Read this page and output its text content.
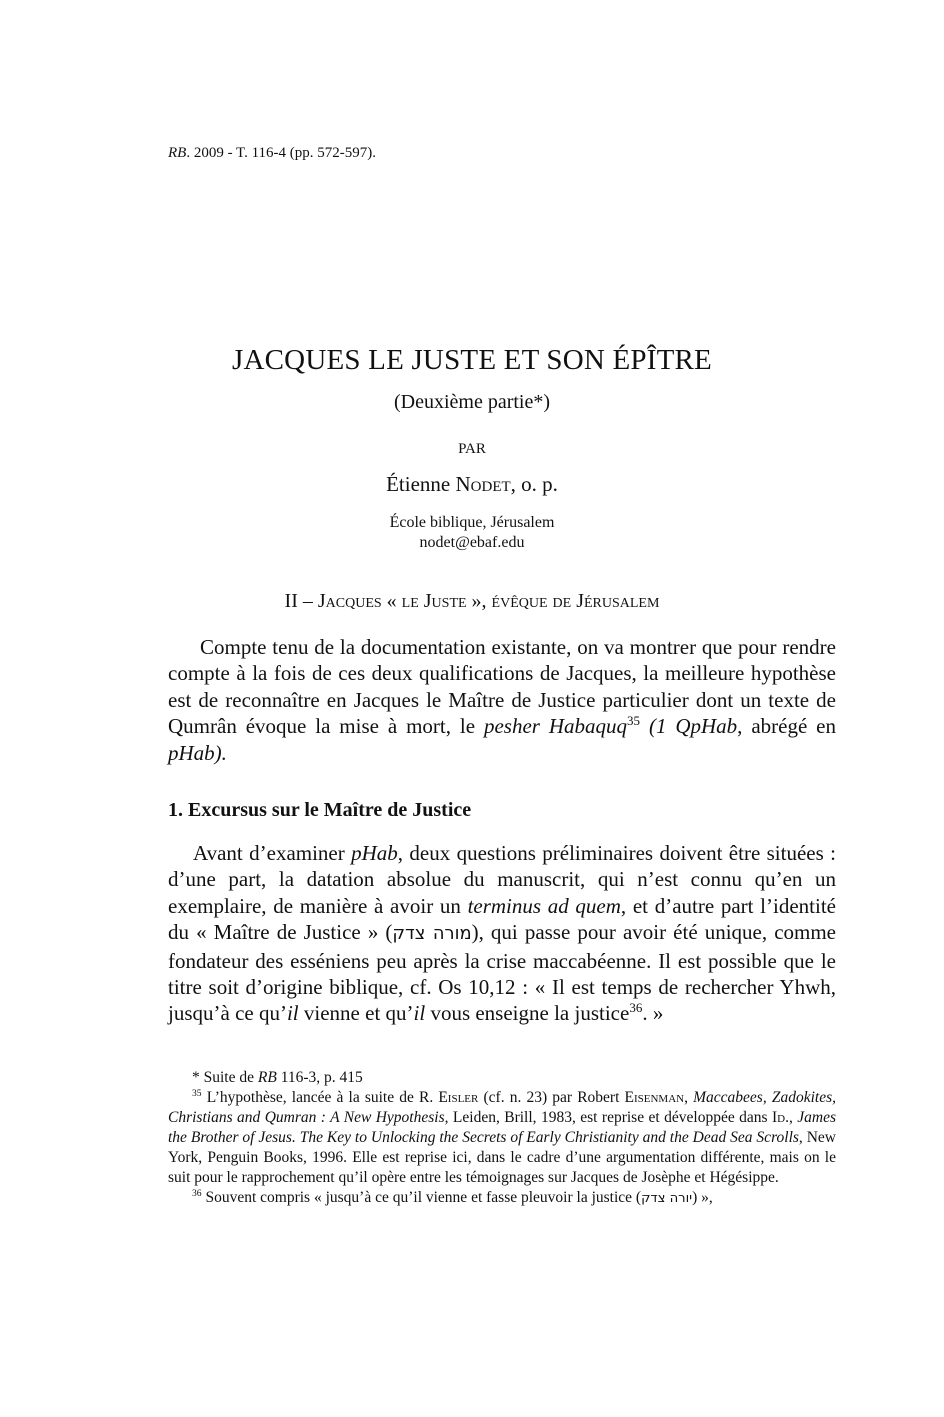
RB. 2009 - T. 116-4 (pp. 572-597).
JACQUES LE JUSTE ET SON ÉPÎTRE
(Deuxième partie*)
PAR
Étienne Nodet, o. p.
École biblique, Jérusalem
nodet@ebaf.edu
II – Jacques « le Juste », évêque de Jérusalem
Compte tenu de la documentation existante, on va montrer que pour rendre compte à la fois de ces deux qualifications de Jacques, la meilleure hypothèse est de reconnaître en Jacques le Maître de Justice particulier dont un texte de Qumrân évoque la mise à mort, le pesher Habaquq$^{35}$ (1 QpHab, abrégé en pHab).
1. Excursus sur le Maître de Justice
Avant d’examiner pHab, deux questions préliminaires doivent être situées : d’une part, la datation absolue du manuscrit, qui n’est connu qu’en un exemplaire, de manière à avoir un terminus ad quem, et d’autre part l’identité du « Maître de Justice » (מורה צדק), qui passe pour avoir été unique, comme fondateur des esséniens peu après la crise maccabéenne. Il est possible que le titre soit d’origine biblique, cf. Os 10,12 : « Il est temps de rechercher Yhwh, jusqu’à ce qu’il vienne et qu’il vous enseigne la justice$^{36}$. »

* Suite de RB 116-3, p. 415

$^{35}$ L’hypothèse, lancée à la suite de R. Eisler (cf. n. 23) par Robert Eisenman, Maccabees, Zadokites, Christians and Qumran : A New Hypothesis, Leiden, Brill, 1983, est reprise et développée dans Id., James the Brother of Jesus. The Key to Unlocking the Secrets of Early Christianity and the Dead Sea Scrolls, New York, Penguin Books, 1996. Elle est reprise ici, dans le cadre d’une argumentation différente, mais on le suit pour le rapprochement qu’il opère entre les témoignages sur Jacques de Josèphe et Hégésippe.

$^{36}$ Souvent compris « jusqu’à ce qu’il vienne et fasse pleuvoir la justice (יורה צדק) »,
